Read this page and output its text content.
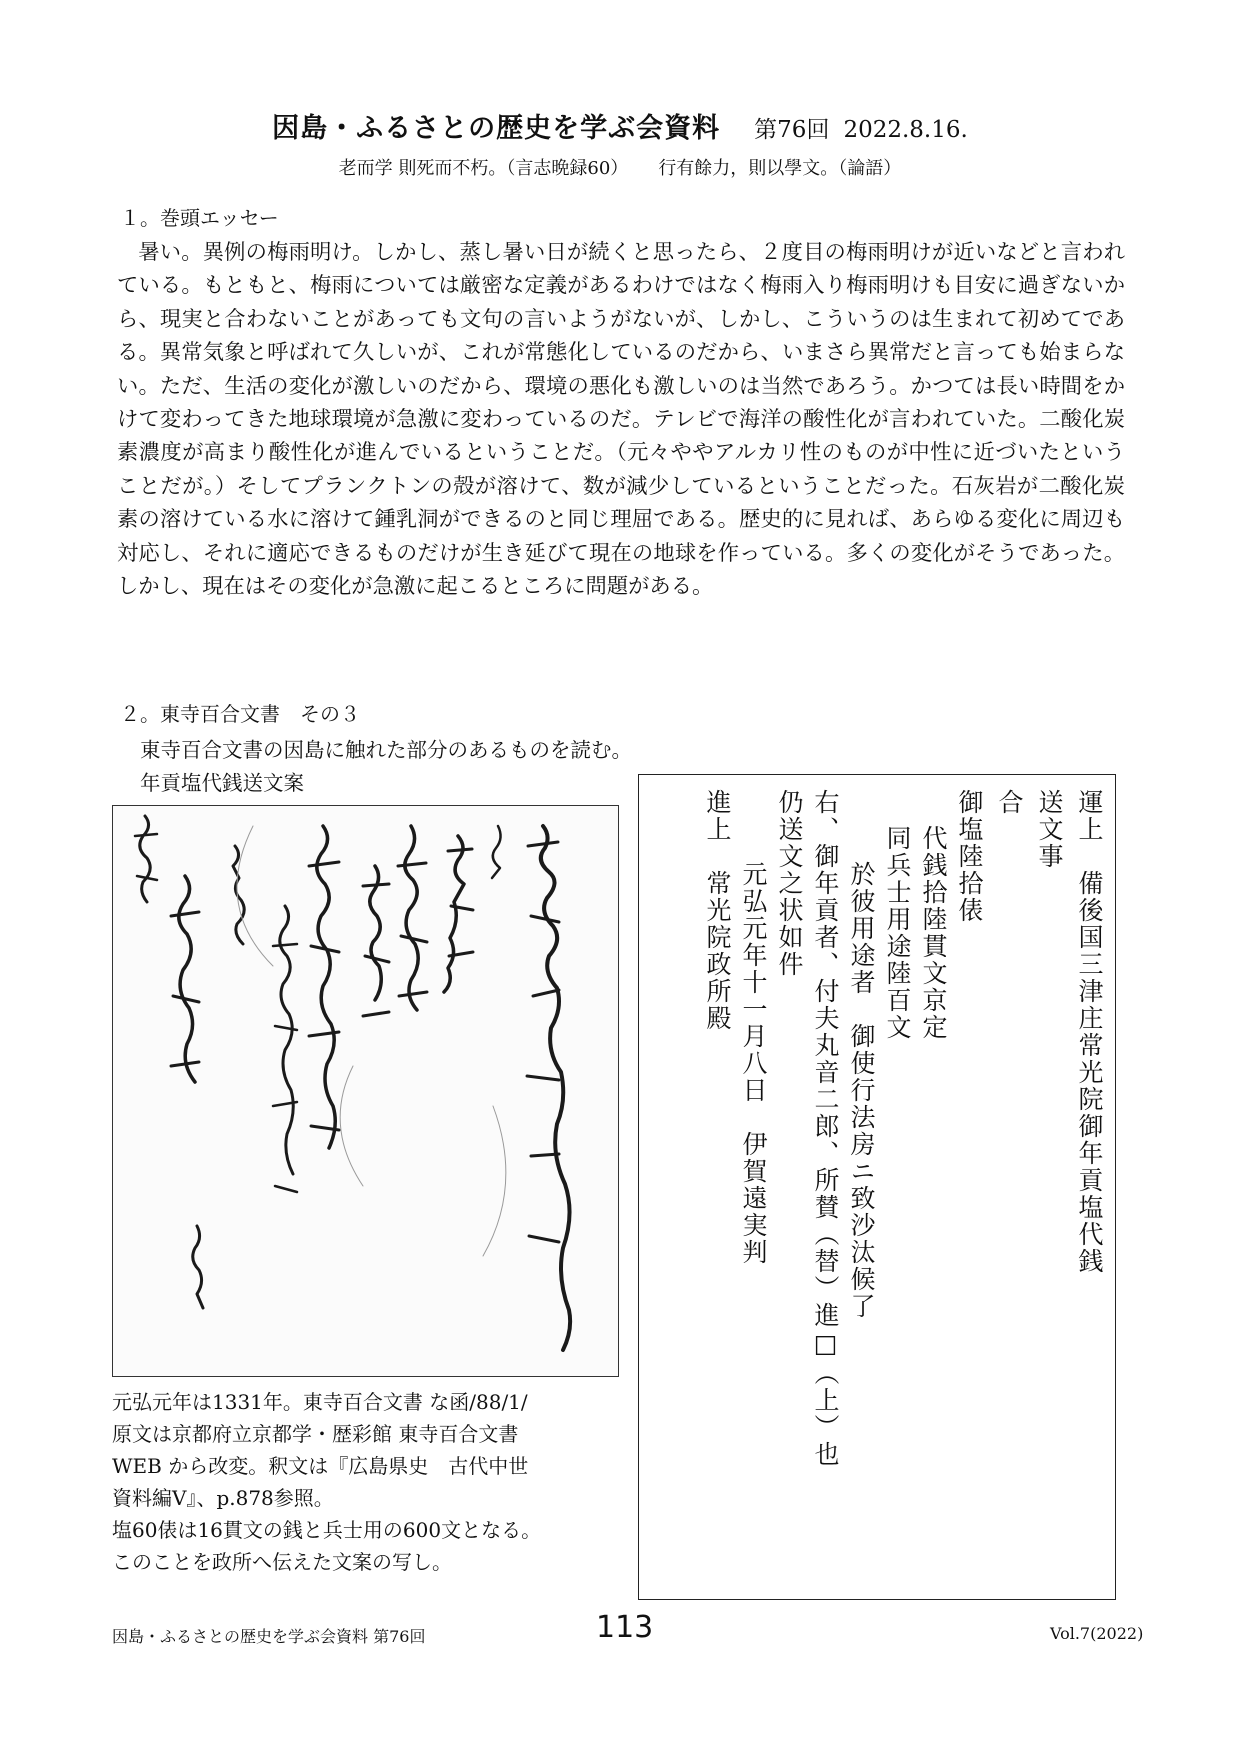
因島・ふるさとの歴史を学ぶ会資料 第76回 2022.8.16.
老而学 則死而不朽。（言志晩録60） 行有餘力，則以學文。（論語）
１。巻頭エッセー
暑い。異例の梅雨明け。しかし、蒸し暑い日が続くと思ったら、２度目の梅雨明けが近いなどと言われている。もともと、梅雨については厳密な定義があるわけではなく梅雨入り梅雨明けも目安に過ぎないから、現実と合わないことがあっても文句の言いようがないが、しかし、こういうのは生まれて初めてである。異常気象と呼ばれて久しいが、これが常態化しているのだから、いまさら異常だと言っても始まらない。ただ、生活の変化が激しいのだから、環境の悪化も激しいのは当然であろう。かつては長い時間をかけて変わってきた地球環境が急激に変わっているのだ。テレビで海洋の酸性化が言われていた。二酸化炭素濃度が高まり酸性化が進んでいるということだ。（元々ややアルカリ性のものが中性に近づいたということだが。）そしてプランクトンの殻が溶けて、数が減少しているということだった。石灰岩が二酸化炭素の溶けている水に溶けて鍾乳洞ができるのと同じ理屈である。歴史的に見れば、あらゆる変化に周辺も対応し、それに適応できるものだけが生き延びて現在の地球を作っている。多くの変化がそうであった。しかし、現在はその変化が急激に起こるところに問題がある。
２。東寺百合文書　その３
東寺百合文書の因島に触れた部分のあるものを読む。
年貢塩代銭送文案
運上　備後国三津庄常光院御年貢塩代銭
送文事
合
御塩陸拾俵
代銭拾陸貫文京定
同兵士用途陸百文
於彼用途者　御使行法房ニ致沙汰候了
右、御年貢者、付夫丸音二郎、所賛（替）進□（上）也
仍送文之状如件
元弘元年十一月八日　伊賀遠実判
進上　常光院政所殿
元弘元年は1331年。東寺百合文書 な函/88/1/
原文は京都府立京都学・歴彩館 東寺百合文書
WEB から改変。釈文は『広島県史　古代中世
資料編Ⅴ』、p.878参照。
塩60俵は16貫文の銭と兵士用の600文となる。
このことを政所へ伝えた文案の写し。
因島・ふるさとの歴史を学ぶ会資料 第76回	113	Vol.7(2022)
